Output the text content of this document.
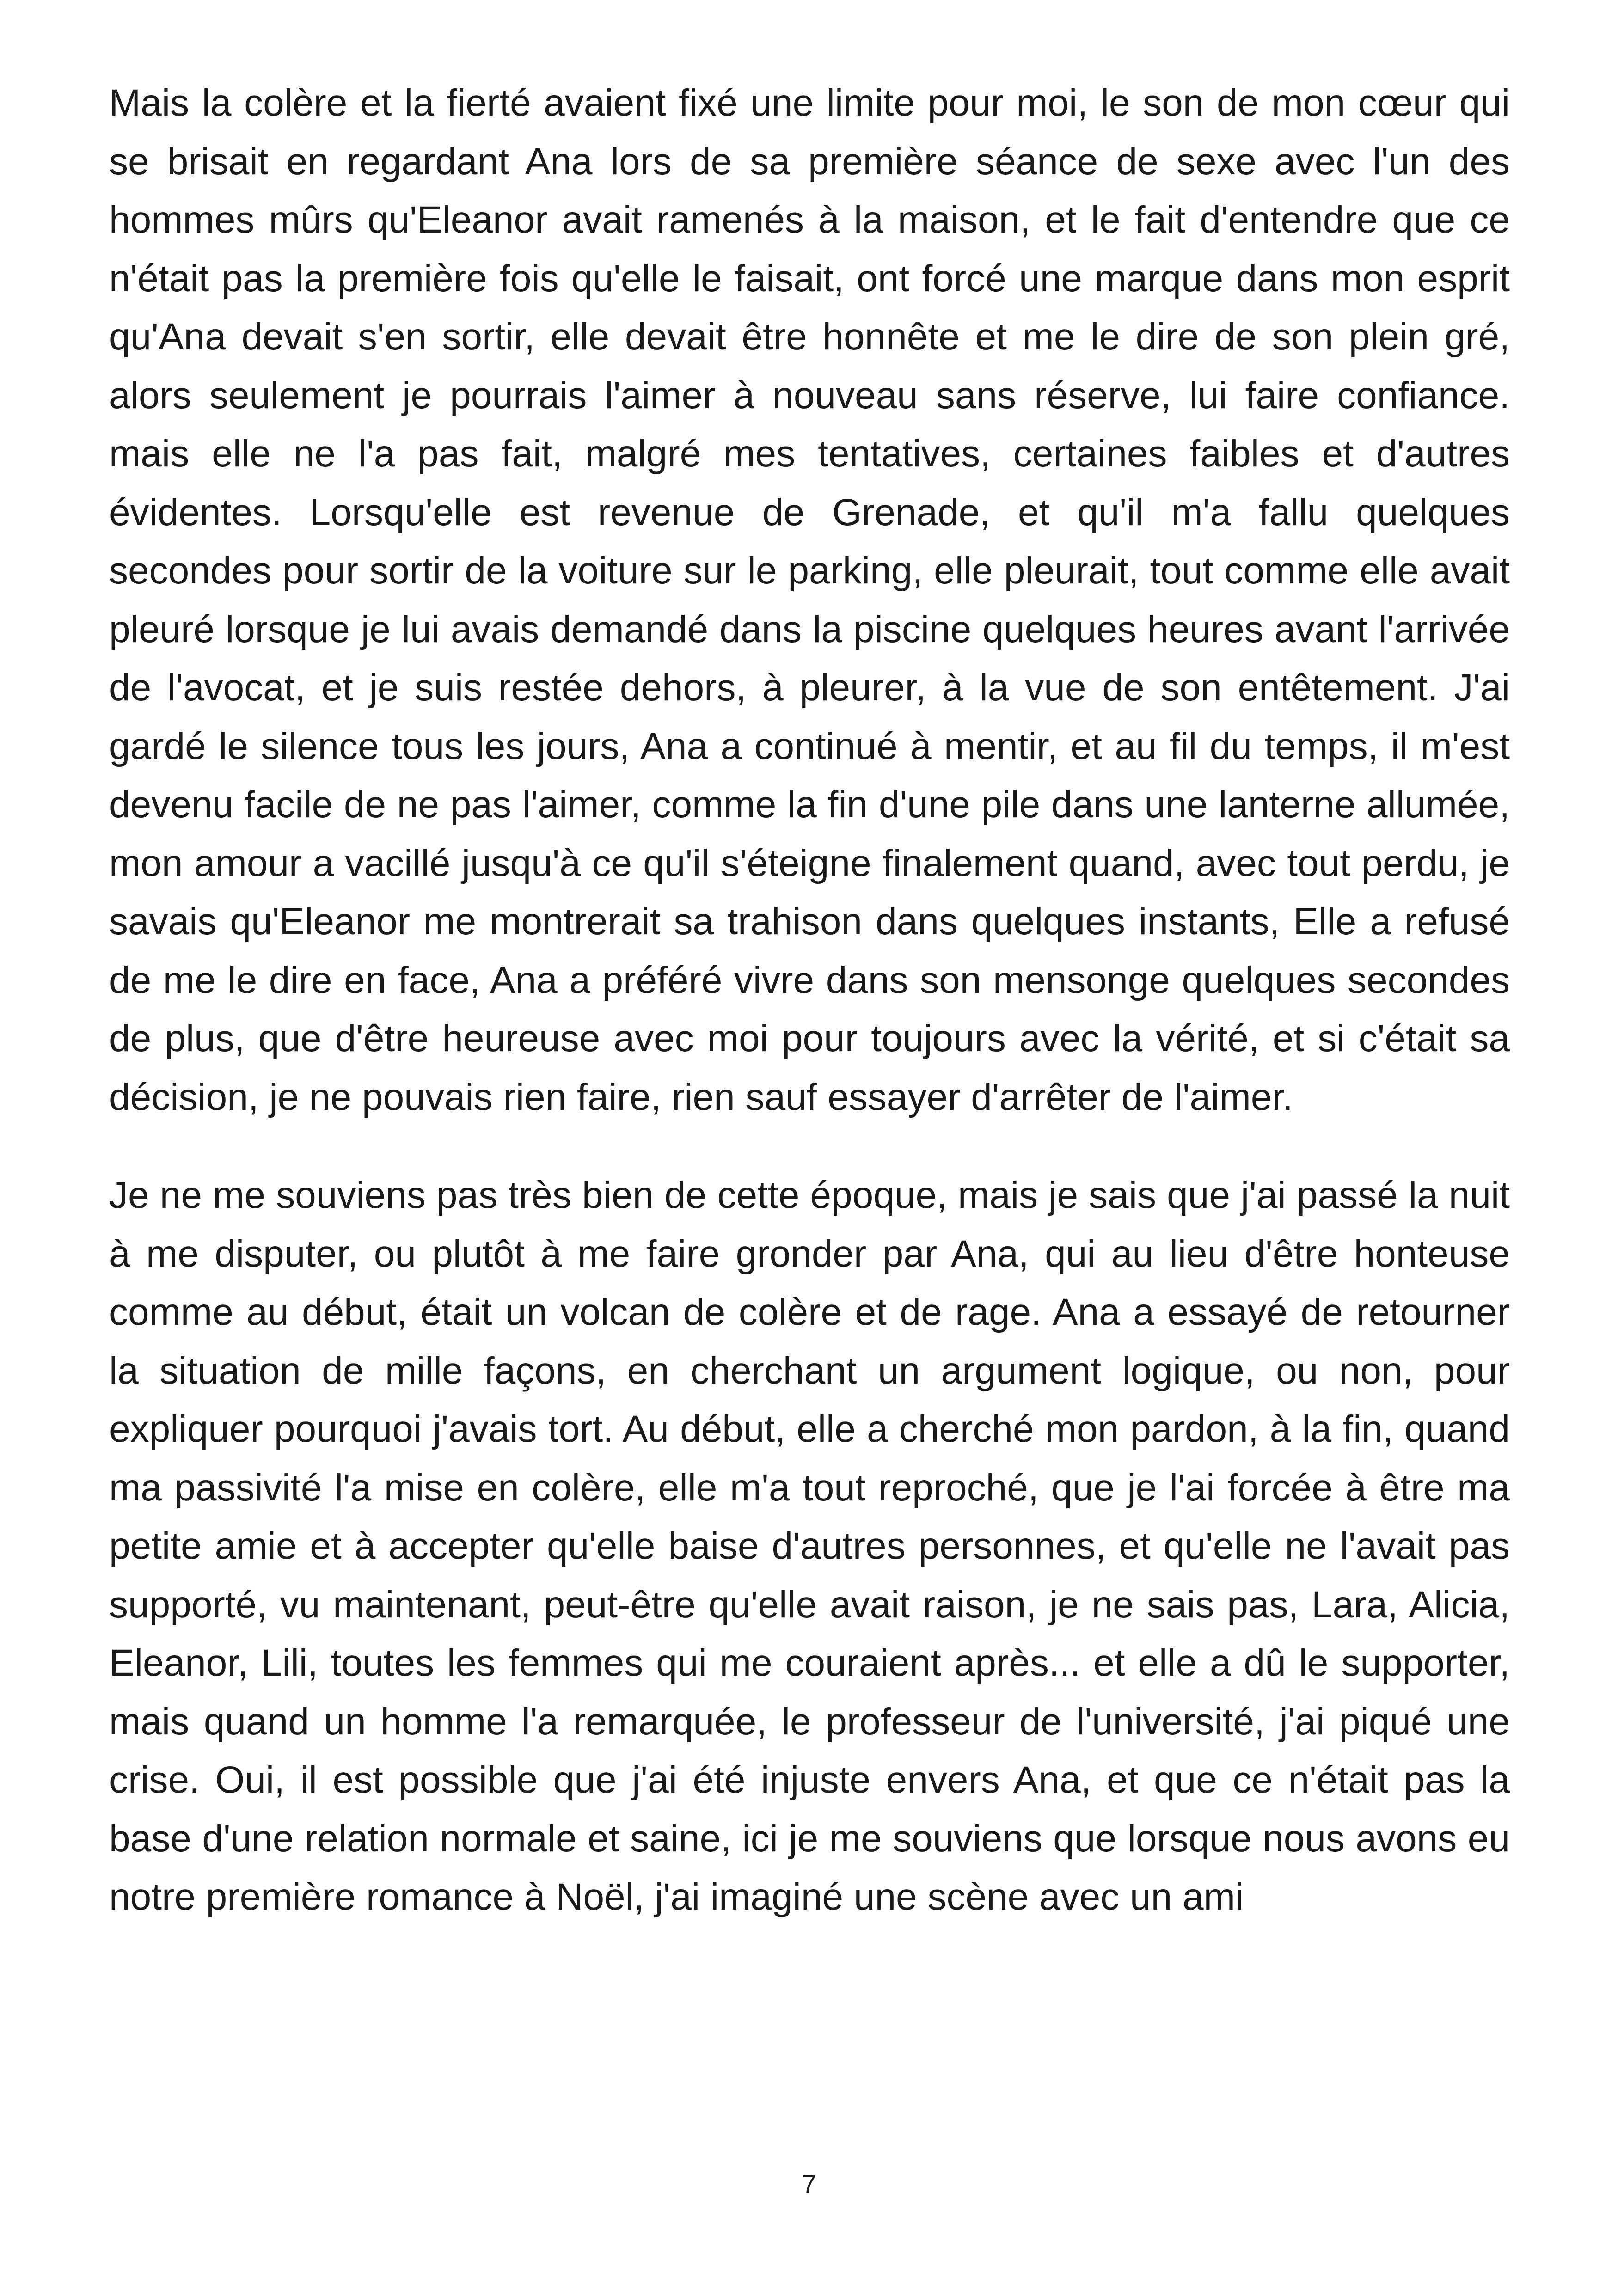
Mais la colère et la fierté avaient fixé une limite pour moi, le son de mon cœur qui se brisait en regardant Ana lors de sa première séance de sexe avec l'un des hommes mûrs qu'Eleanor avait ramenés à la maison, et le fait d'entendre que ce n'était pas la première fois qu'elle le faisait, ont forcé une marque dans mon esprit qu'Ana devait s'en sortir, elle devait être honnête et me le dire de son plein gré, alors seulement je pourrais l'aimer à nouveau sans réserve, lui faire confiance. mais elle ne l'a pas fait, malgré mes tentatives, certaines faibles et d'autres évidentes. Lorsqu'elle est revenue de Grenade, et qu'il m'a fallu quelques secondes pour sortir de la voiture sur le parking, elle pleurait, tout comme elle avait pleuré lorsque je lui avais demandé dans la piscine quelques heures avant l'arrivée de l'avocat, et je suis restée dehors, à pleurer, à la vue de son entêtement. J'ai gardé le silence tous les jours, Ana a continué à mentir, et au fil du temps, il m'est devenu facile de ne pas l'aimer, comme la fin d'une pile dans une lanterne allumée, mon amour a vacillé jusqu'à ce qu'il s'éteigne finalement quand, avec tout perdu, je savais qu'Eleanor me montrerait sa trahison dans quelques instants, Elle a refusé de me le dire en face, Ana a préféré vivre dans son mensonge quelques secondes de plus, que d'être heureuse avec moi pour toujours avec la vérité, et si c'était sa décision, je ne pouvais rien faire, rien sauf essayer d'arrêter de l'aimer.

Je ne me souviens pas très bien de cette époque, mais je sais que j'ai passé la nuit à me disputer, ou plutôt à me faire gronder par Ana, qui au lieu d'être honteuse comme au début, était un volcan de colère et de rage. Ana a essayé de retourner la situation de mille façons, en cherchant un argument logique, ou non, pour expliquer pourquoi j'avais tort. Au début, elle a cherché mon pardon, à la fin, quand ma passivité l'a mise en colère, elle m'a tout reproché, que je l'ai forcée à être ma petite amie et à accepter qu'elle baise d'autres personnes, et qu'elle ne l'avait pas supporté, vu maintenant, peut-être qu'elle avait raison, je ne sais pas, Lara, Alicia, Eleanor, Lili, toutes les femmes qui me couraient après... et elle a dû le supporter, mais quand un homme l'a remarquée, le professeur de l'université, j'ai piqué une crise. Oui, il est possible que j'ai été injuste envers Ana, et que ce n'était pas la base d'une relation normale et saine, ici je me souviens que lorsque nous avons eu notre première romance à Noël, j'ai imaginé une scène avec un ami

7
